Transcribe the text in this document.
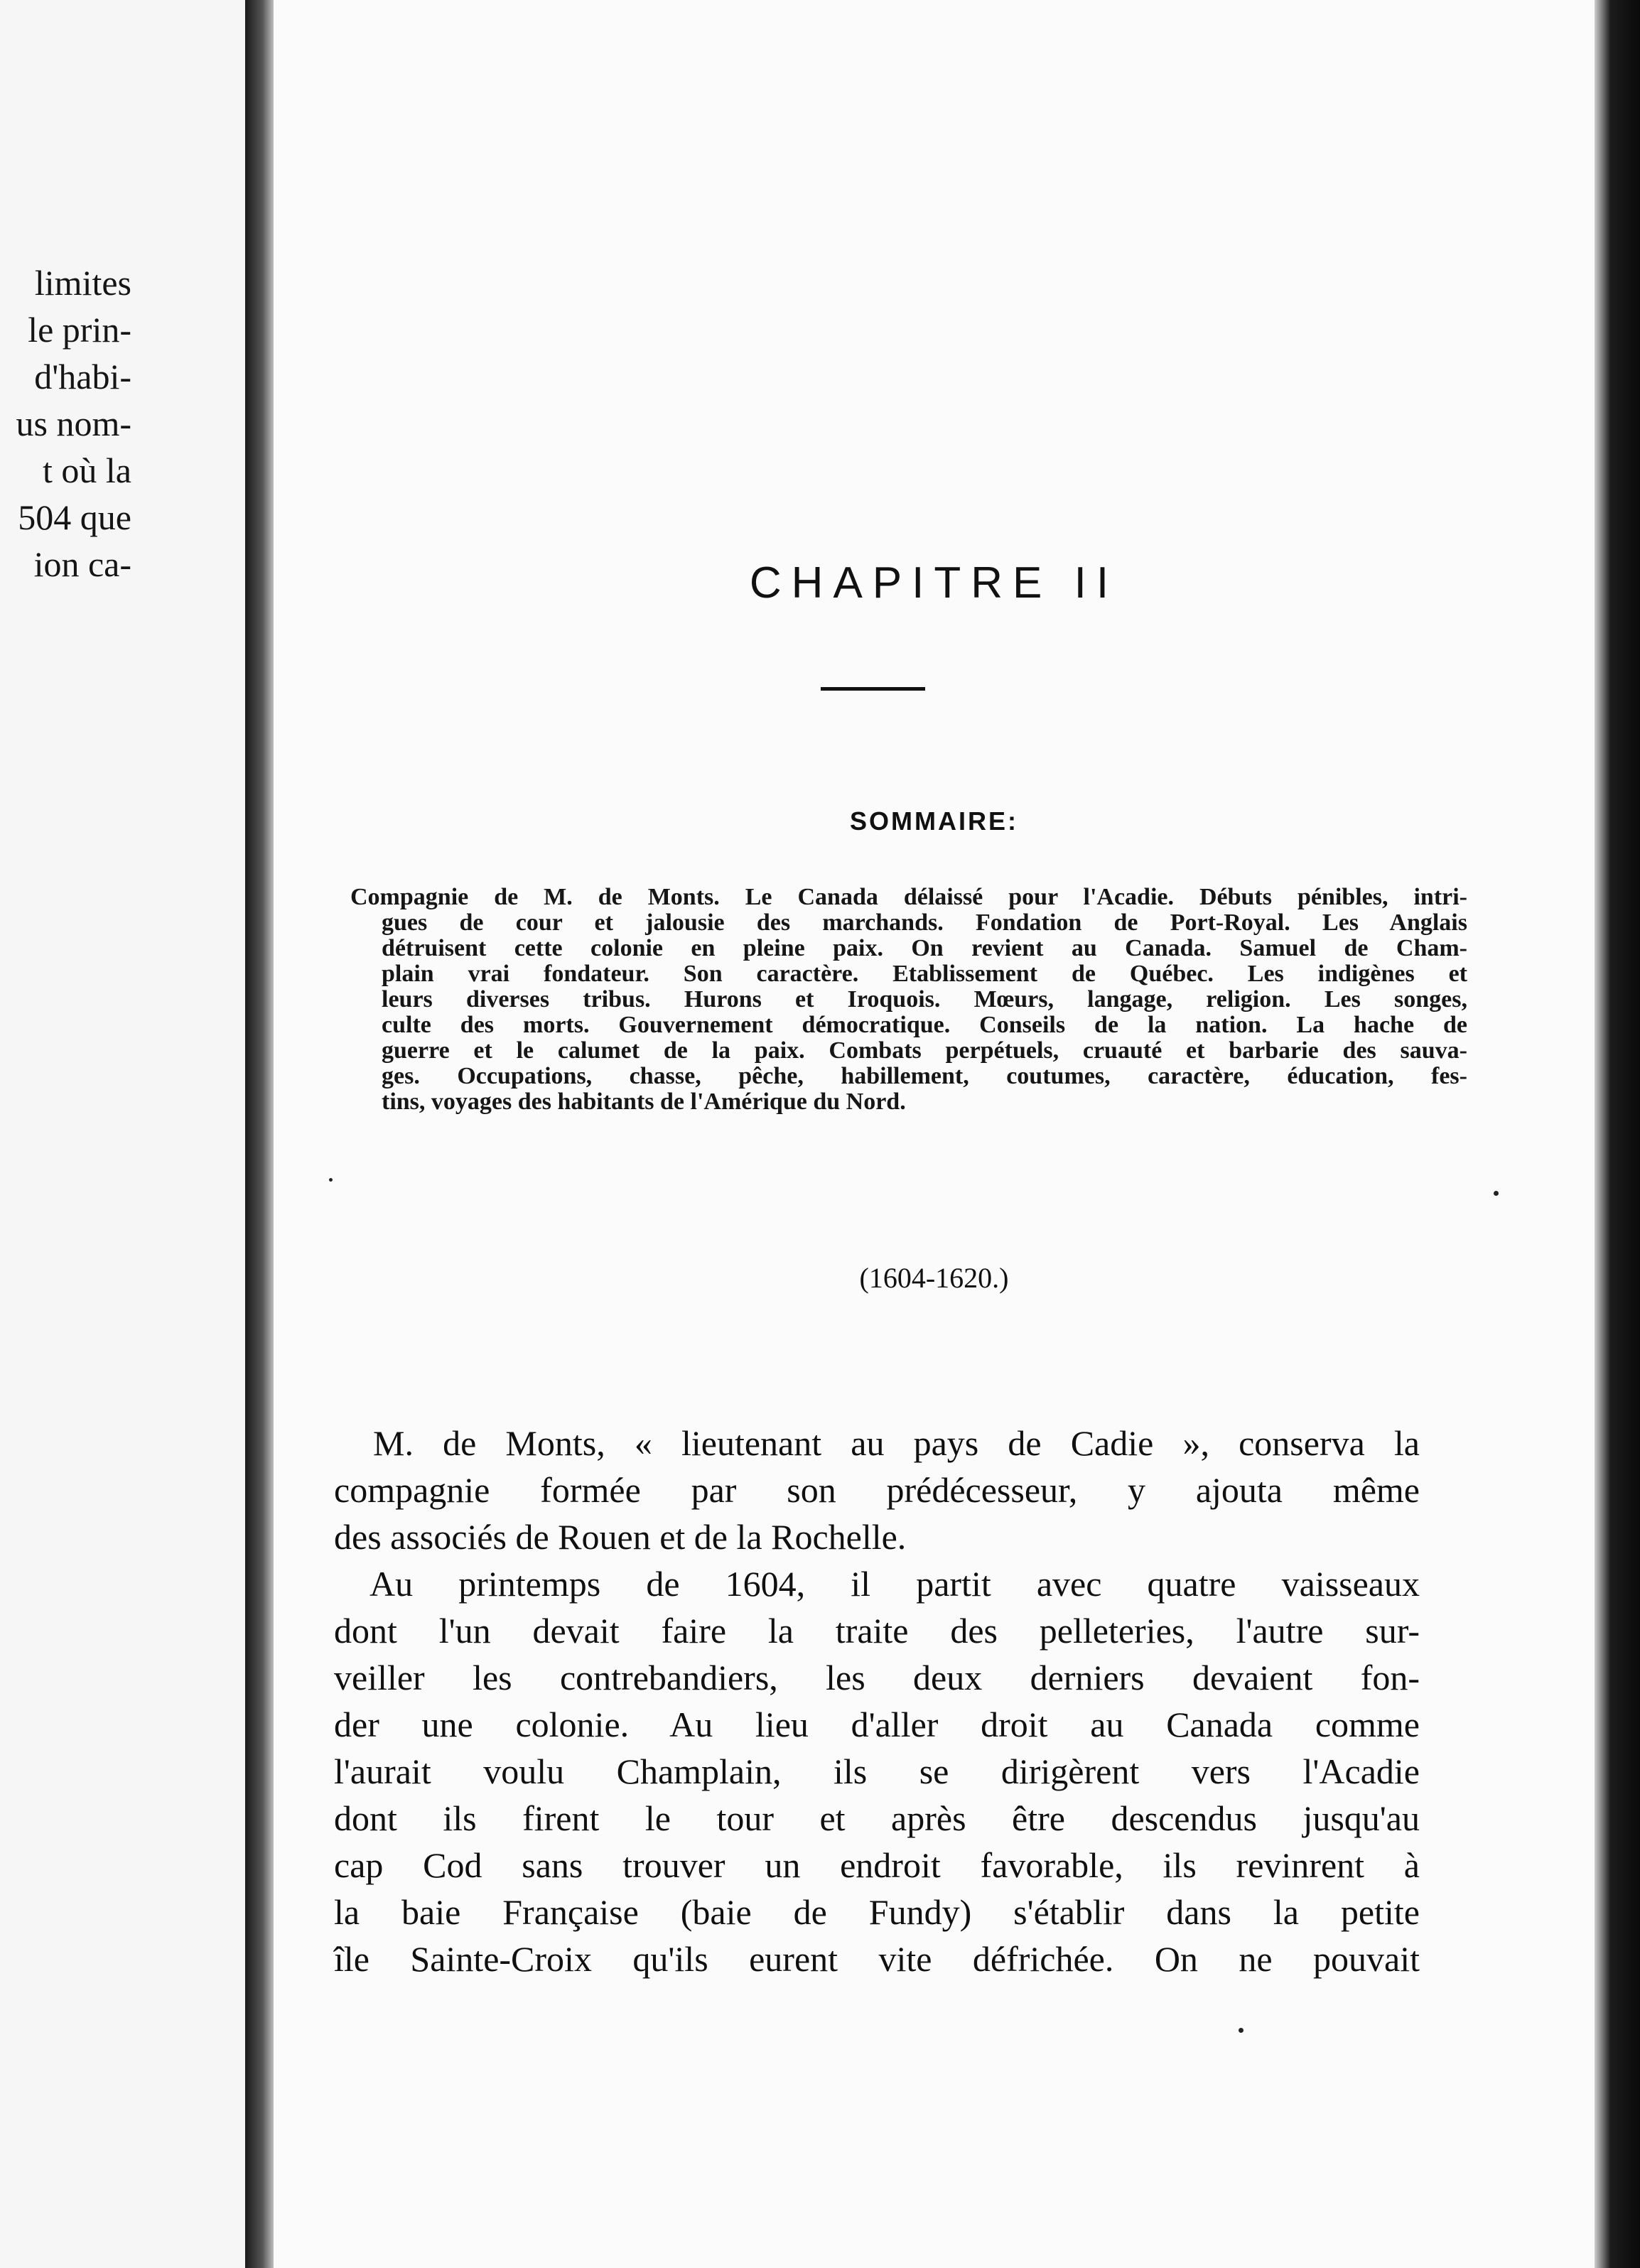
limites
le prin-
d'habi-
us nom-
t où la
504 que
ion ca-	CHAPITRE II
SOMMAIRE:
Compagnie de M. de Monts. Le Canada délaissé pour l'Acadie. Débuts pénibles, intri-
gues de cour et jalousie des marchands. Fondation de Port-Royal. Les Anglais
détruisent cette colonie en pleine paix. On revient au Canada. Samuel de Cham-
plain vrai fondateur. Son caractère. Etablissement de Québec. Les indigènes et
leurs diverses tribus. Hurons et Iroquois. Mœurs, langage, religion. Les songes,
culte des morts. Gouvernement démocratique. Conseils de la nation. La hache de
guerre et le calumet de la paix. Combats perpétuels, cruauté et barbarie des sauva-
ges. Occupations, chasse, pêche, habillement, coutumes, caractère, éducation, fes-
tins, voyages des habitants de l'Amérique du Nord.
(1604-1620.)
M. de Monts, « lieutenant au pays de Cadie », conserva la
compagnie formée par son prédécesseur, y ajouta même
des associés de Rouen et de la Rochelle.
Au printemps de 1604, il partit avec quatre vaisseaux
dont l'un devait faire la traite des pelleteries, l'autre sur-
veiller les contrebandiers, les deux derniers devaient fon-
der une colonie. Au lieu d'aller droit au Canada comme
l'aurait voulu Champlain, ils se dirigèrent vers l'Acadie
dont ils firent le tour et après être descendus jusqu'au
cap Cod sans trouver un endroit favorable, ils revinrent à
la baie Française (baie de Fundy) s'établir dans la petite
île Sainte-Croix qu'ils eurent vite défrichée. On ne pouvait
